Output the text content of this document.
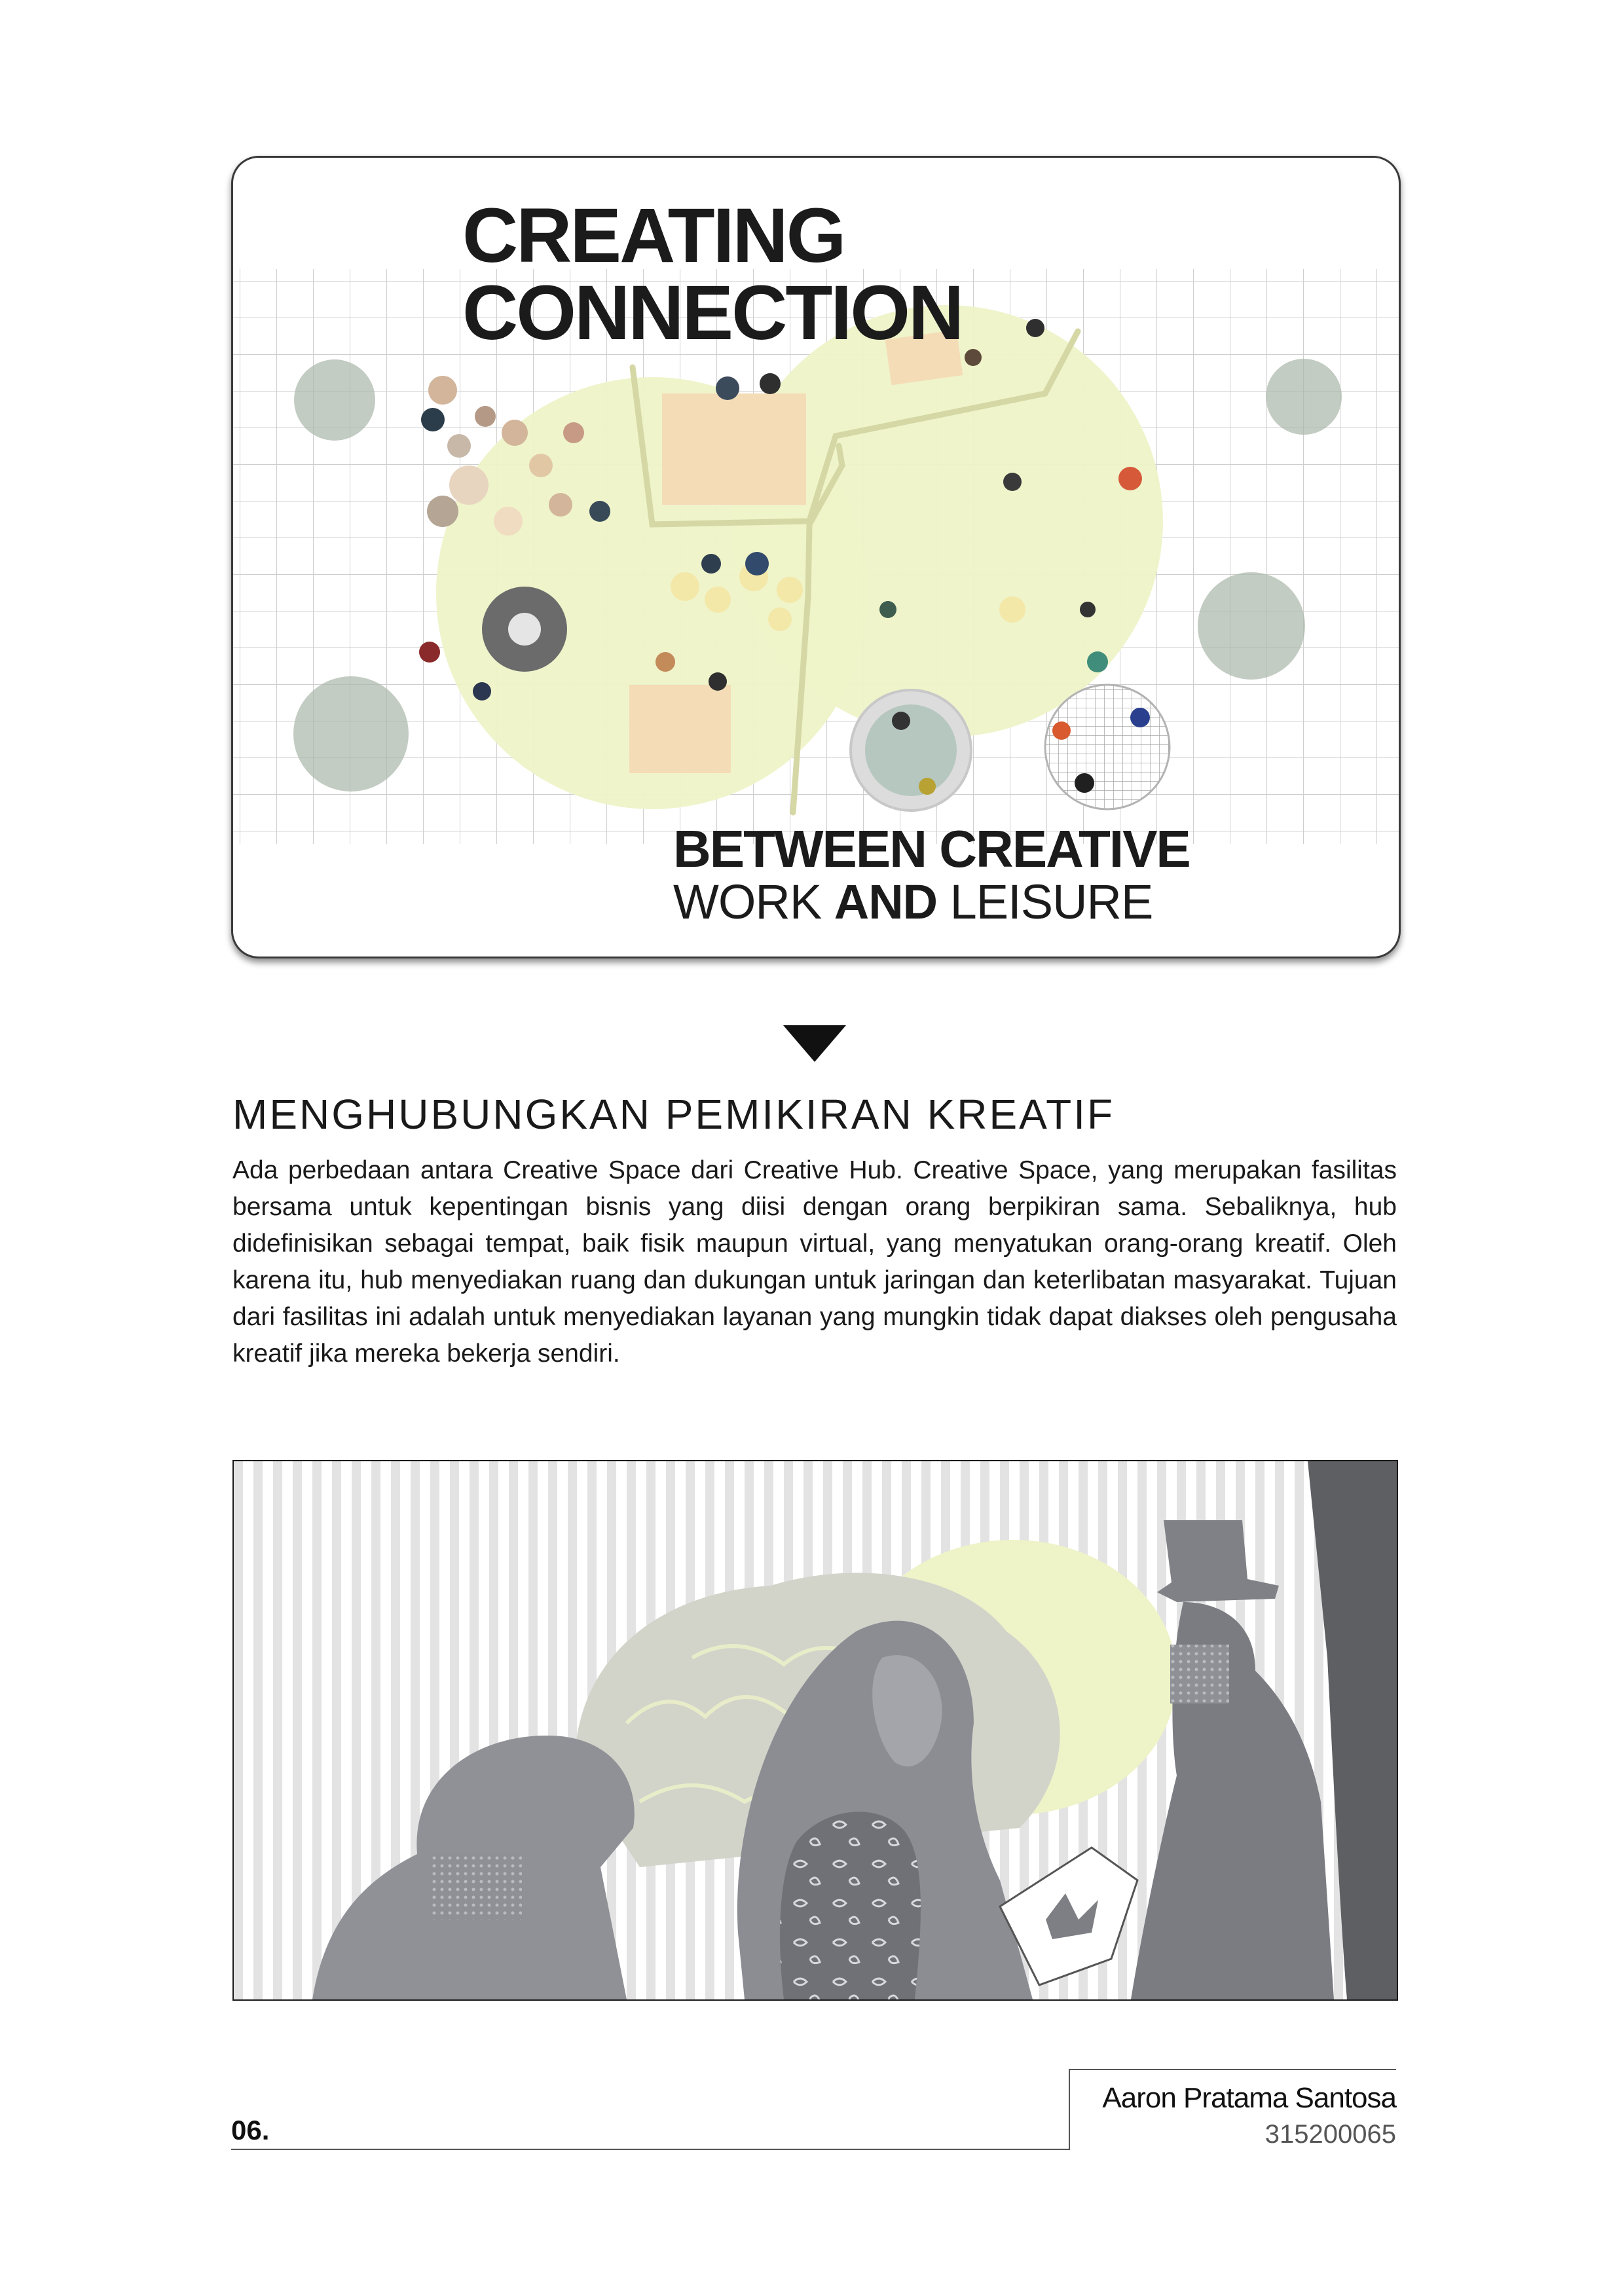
CREATING
CONNECTION
BETWEEN CREATIVE
WORK AND LEISURE
MENGHUBUNGKAN PEMIKIRAN KREATIF

Ada perbedaan antara Creative Space dari Creative Hub. Creative Space, yang merupakan fasilitas bersama untuk kepentingan bisnis yang diisi dengan orang berpikiran sama. Sebaliknya, hub didefinisikan sebagai tempat, baik fisik maupun virtual, yang menyatukan orang-orang kreatif. Oleh karena itu, hub menyediakan ruang dan dukungan untuk jaringan dan keterlibatan masyarakat. Tujuan dari fasilitas ini adalah untuk menyediakan layanan yang mungkin tidak dapat diakses oleh pengusaha kreatif jika mereka bekerja sendiri.

06.
Aaron Pratama Santosa
315200065
